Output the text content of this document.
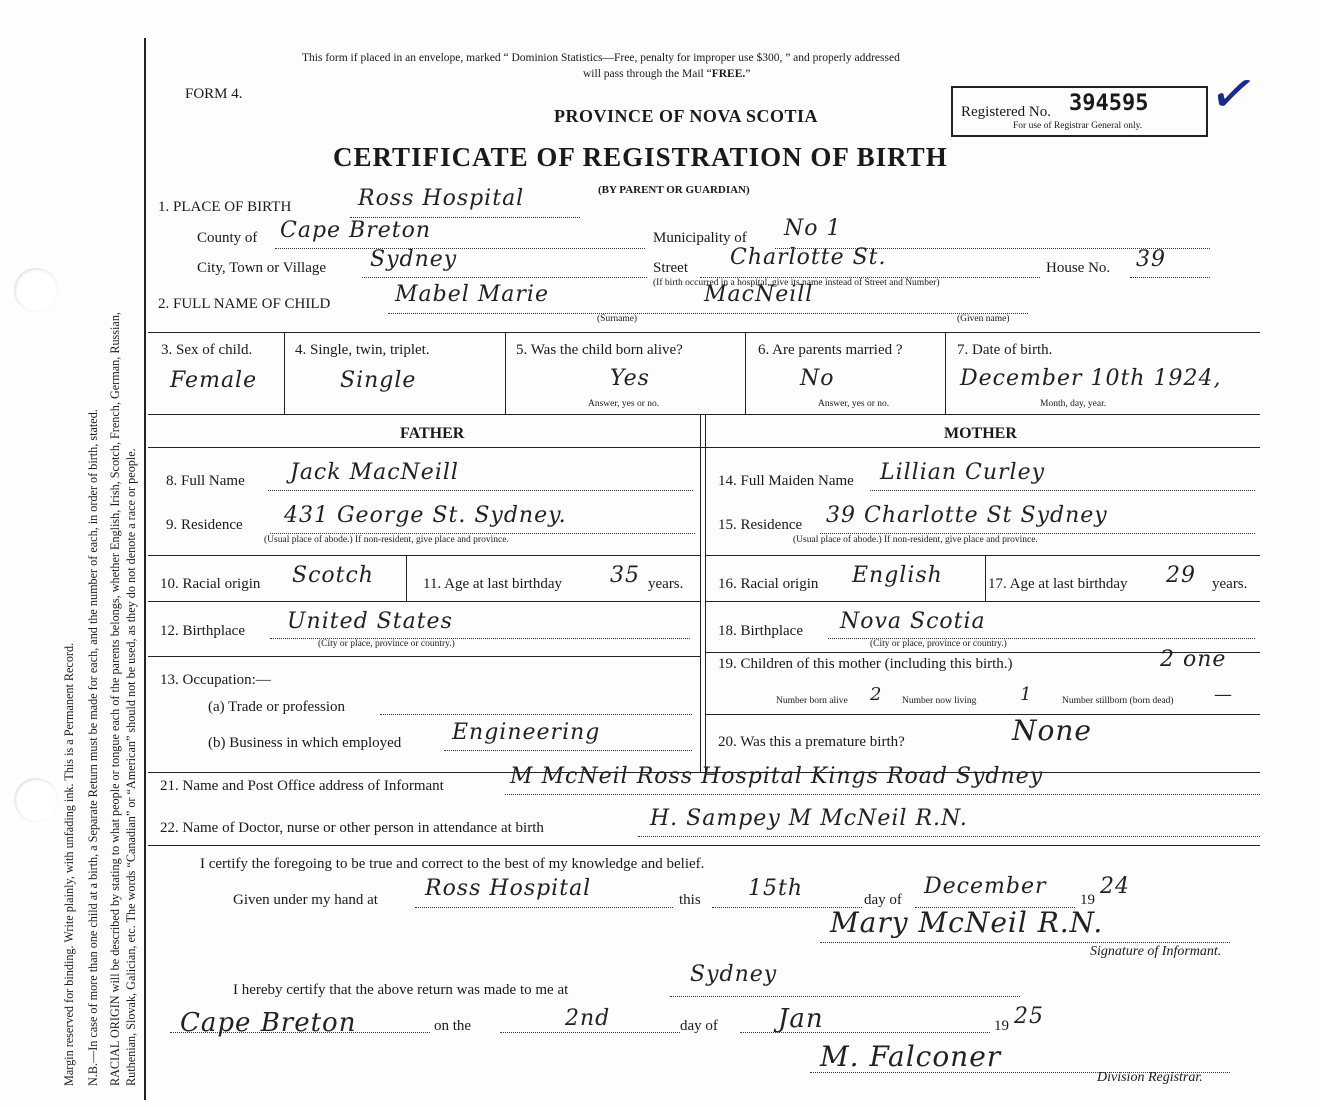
Margin reserved for binding. Write plainly, with unfading ink. This is a Permanent Record. N.B.—In case of more than one child at a birth, a Separate Return must be made for each, and the number of each, in order of birth, stated. RACIAL ORIGIN will be described by stating to what people or tongue each of the parents belongs, whether English, Irish, Scotch, French, German, Russian, Ruthenian, Slovak, Galician, etc. The words “Canadian” or “American” should not be used, as they do not denote a race or people.
This form if placed in an envelope, marked “ Dominion Statistics—Free, penalty for improper use $300, ” and properly addressed
will pass through the Mail “FREE.”
FORM 4.
PROVINCE OF NOVA SCOTIA	Registered No. 394595
For use of Registrar General only. ✓
CERTIFICATE OF REGISTRATION OF BIRTH
(BY PARENT OR GUARDIAN)
1. PLACE OF BIRTH	Ross Hospital
County of Cape Breton	Municipality of No 1
City, Town or Village Sydney	Street Charlotte St.	House No. 39
(If birth occurred in a hospital, give its name instead of Street and Number)
2. FULL NAME OF CHILD	Mabel Marie	MacNeill
(Surname)	(Given name)
3. Sex of child.
Female
4. Single, twin, triplet.
Single
5. Was the child born alive?
Yes
Answer, yes or no.
6. Are parents married ?
No
Answer, yes or no.
7. Date of birth.
December 10th 1924,
Month, day, year.
FATHER	MOTHER
8. Full Name Jack MacNeill
9. Residence 431 George St. Sydney.
(Usual place of abode.) If non-resident, give place and province.
10. Racial origin Scotch	11. Age at last birthday 35 years.
12. Birthplace United States
(City or place, province or country.)
13. Occupation:—
(a) Trade or profession
(b) Business in which employed Engineering
14. Full Maiden Name Lillian Curley
15. Residence 39 Charlotte St Sydney
(Usual place of abode.) If non-resident, give place and province.
16. Racial origin English	17. Age at last birthday 29 years.
18. Birthplace Nova Scotia
(City or place, province or country.)
19. Children of this mother (including this birth.)	2 one
Number born alive 2 Number now living 1	Number stillborn (born dead) —
20. Was this a premature birth?	None
21. Name and Post Office address of Informant	M McNeil Ross Hospital Kings Road Sydney
22. Name of Doctor, nurse or other person in attendance at birth	H. Sampey M McNeil R.N.
I certify the foregoing to be true and correct to the best of my knowledge and belief.
Given under my hand at Ross Hospital	this 15th	day of
December
19
24
Mary McNeil R.N.
Signature of Informant.
I hereby certify that the above return was made to me at
Sydney
Cape Breton	on the	2nd	day of Jan	19 25
M. Falconer
Division Registrar.
